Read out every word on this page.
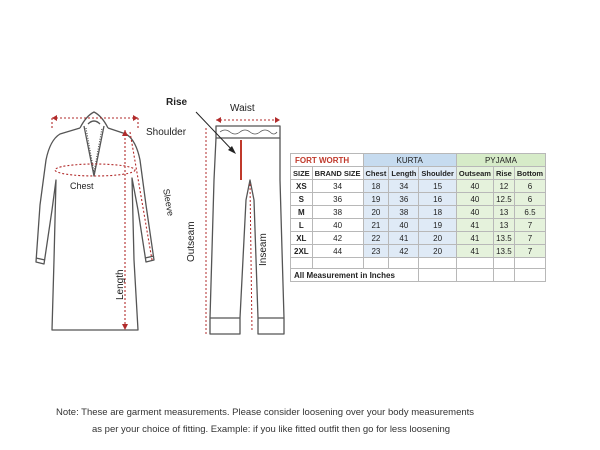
Shoulder
Chest
Sleeve
Length
Rise
Waist
Outseam	Inseam
FORT WORTH		KURTA			PYJAMA		
SIZE	BRAND SIZE	Chest	Length	Shoulder	Outseam	Rise	Bottom
XS	34	18	34	15	40	12	6
S	36	19	36	16	40	12.5	6
M	38	20	38	18	40	13	6.5
L	40	21	40	19	41	13	7
XL	42	22	41	20	41	13.5	7
2XL	44	23	42	20	41	13.5	7

All Measurement in Inches							
Note: These are garment measurements. Please consider loosening over your body measurements
as per your choice of fitting. Example: if you like fitted outfit then go for less loosening
